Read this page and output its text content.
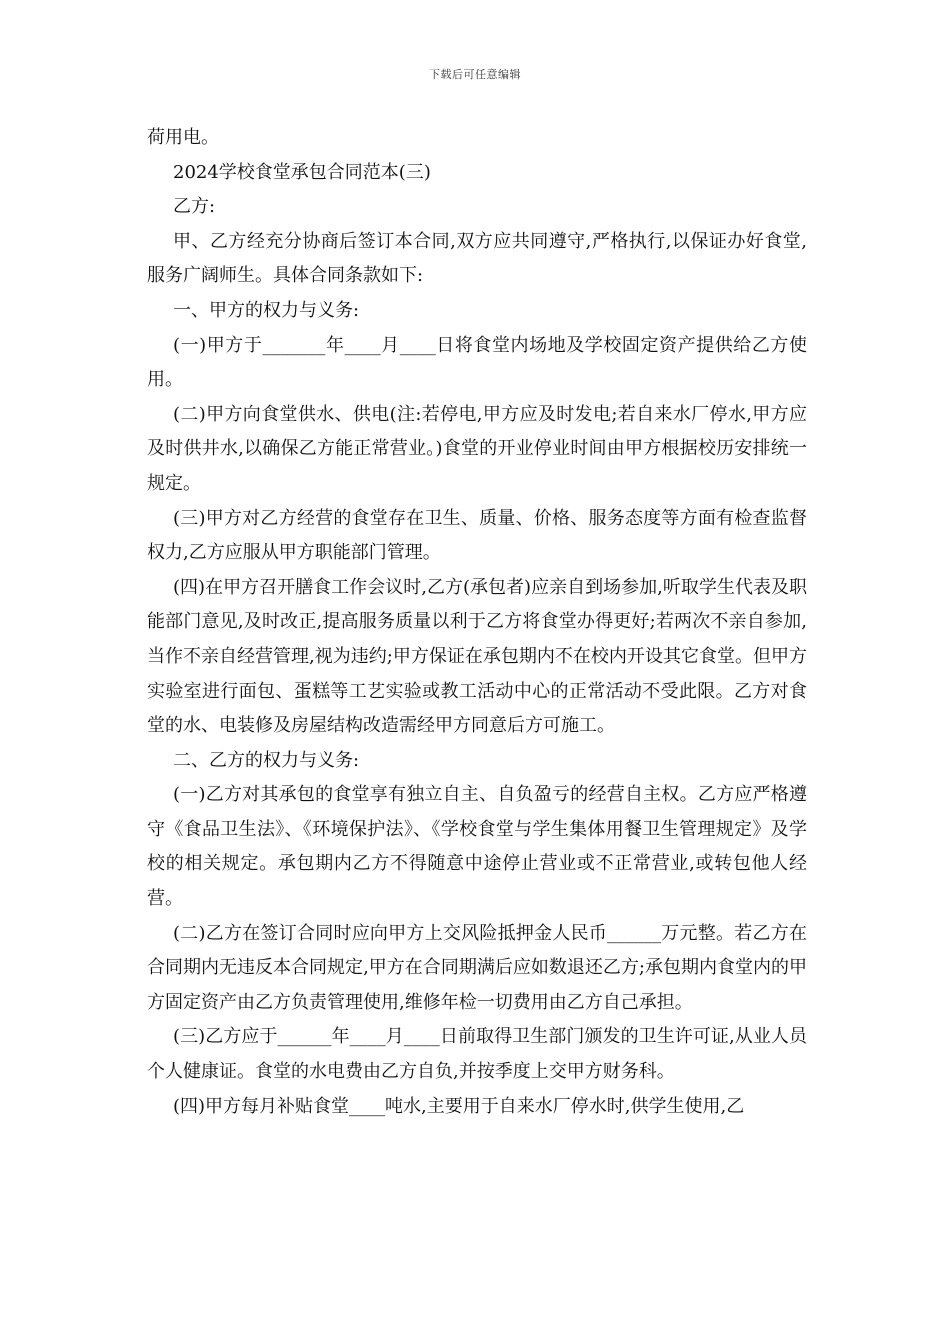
下载后可任意编辑

荷用电。

2024学校食堂承包合同范本(三)

乙方:

甲、乙方经充分协商后签订本合同,双方应共同遵守,严格执行,以保证办好食堂,服务广阔师生。具体合同条款如下:

一、甲方的权力与义务:

(一)甲方于_______年____月____日将食堂内场地及学校固定资产提供给乙方使用。

(二)甲方向食堂供水、供电(注:若停电,甲方应及时发电;若自来水厂停水,甲方应及时供井水,以确保乙方能正常营业。)食堂的开业停业时间由甲方根据校历安排统一规定。

(三)甲方对乙方经营的食堂存在卫生、质量、价格、服务态度等方面有检查监督权力,乙方应服从甲方职能部门管理。

(四)在甲方召开膳食工作会议时,乙方(承包者)应亲自到场参加,听取学生代表及职能部门意见,及时改正,提高服务质量以利于乙方将食堂办得更好;若两次不亲自参加,当作不亲自经营管理,视为违约;甲方保证在承包期内不在校内开设其它食堂。但甲方实验室进行面包、蛋糕等工艺实验或教工活动中心的正常活动不受此限。乙方对食堂的水、电装修及房屋结构改造需经甲方同意后方可施工。

二、乙方的权力与义务:

(一)乙方对其承包的食堂享有独立自主、自负盈亏的经营自主权。乙方应严格遵守《食品卫生法》、《环境保护法》、《学校食堂与学生集体用餐卫生管理规定》及学校的相关规定。承包期内乙方不得随意中途停止营业或不正常营业,或转包他人经营。

(二)乙方在签订合同时应向甲方上交风险抵押金人民币______万元整。若乙方在合同期内无违反本合同规定,甲方在合同期满后应如数退还乙方;承包期内食堂内的甲方固定资产由乙方负责管理使用,维修年检一切费用由乙方自己承担。

(三)乙方应于______年____月____日前取得卫生部门颁发的卫生许可证,从业人员个人健康证。食堂的水电费由乙方自负,并按季度上交甲方财务科。

(四)甲方每月补贴食堂____吨水,主要用于自来水厂停水时,供学生使用,乙
